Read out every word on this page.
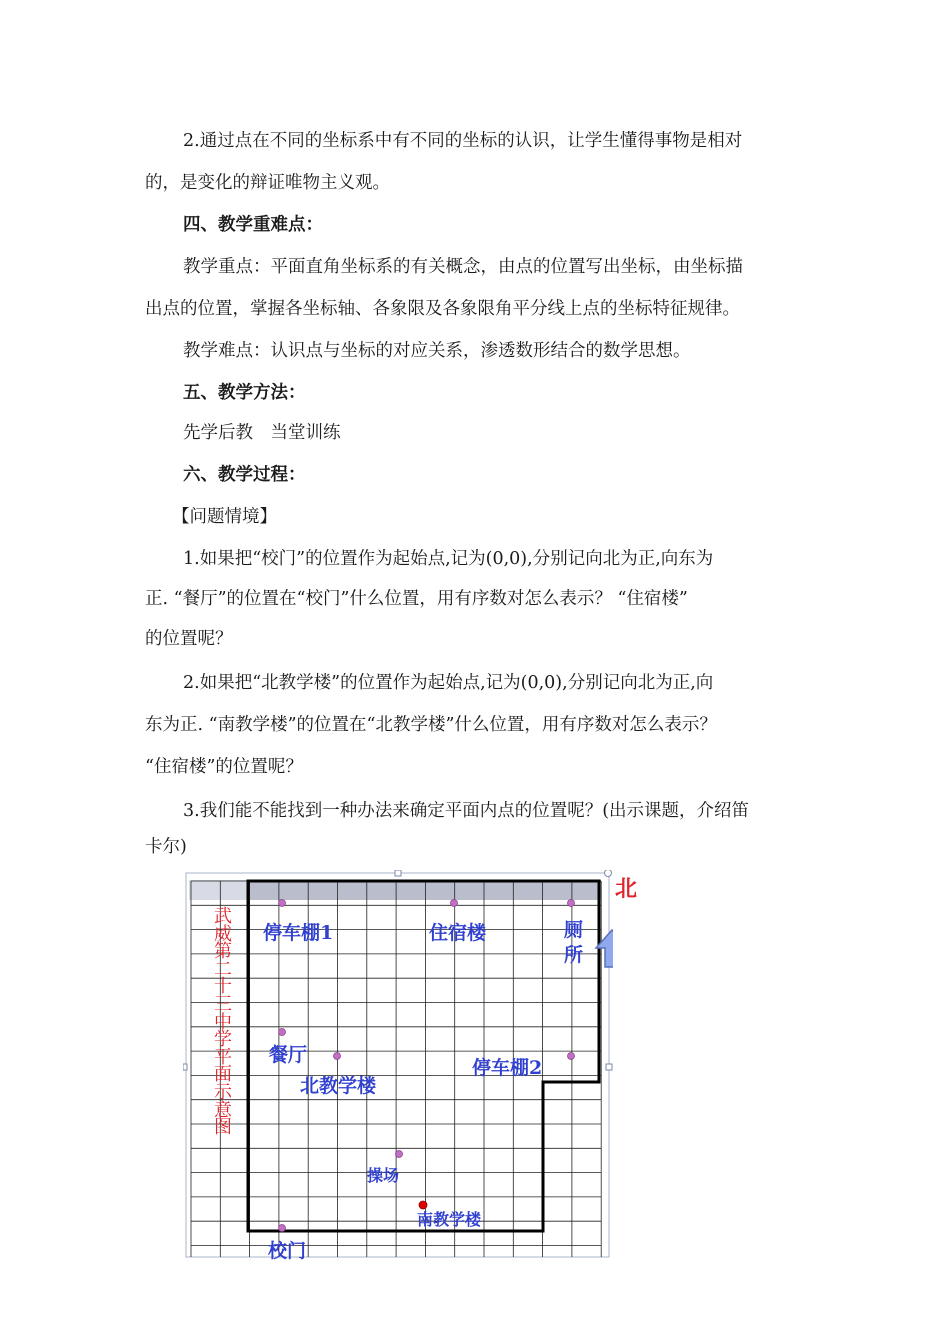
2.通过点在不同的坐标系中有不同的坐标的认识，让学生懂得事物是相对
的，是变化的辩证唯物主义观。
四、教学重难点：
教学重点：平面直角坐标系的有关概念，由点的位置写出坐标，由坐标描
出点的位置，掌握各坐标轴、各象限及各象限角平分线上点的坐标特征规律。
教学难点：认识点与坐标的对应关系，渗透数形结合的数学思想。
五、教学方法：
先学后教　当堂训练
六、教学过程：
【问题情境】
1.如果把“校门”的位置作为起始点,记为(0,0),分别记向北为正,向东为
正. “餐厅”的位置在“校门”什么位置，用有序数对怎么表示？ “住宿楼”
的位置呢？
2.如果把“北教学楼”的位置作为起始点,记为(0,0),分别记向北为正,向
东为正. “南教学楼”的位置在“北教学楼”什么位置，用有序数对怎么表示？
“住宿楼”的位置呢？
3.我们能不能找到一种办法来确定平面内点的位置呢？(出示课题，介绍笛
卡尔)
北
武威第二十三中学平面示意图
停车棚1	住宿楼	厕所
餐厅
北教学楼
停车棚2
操场
南教学楼
校门
